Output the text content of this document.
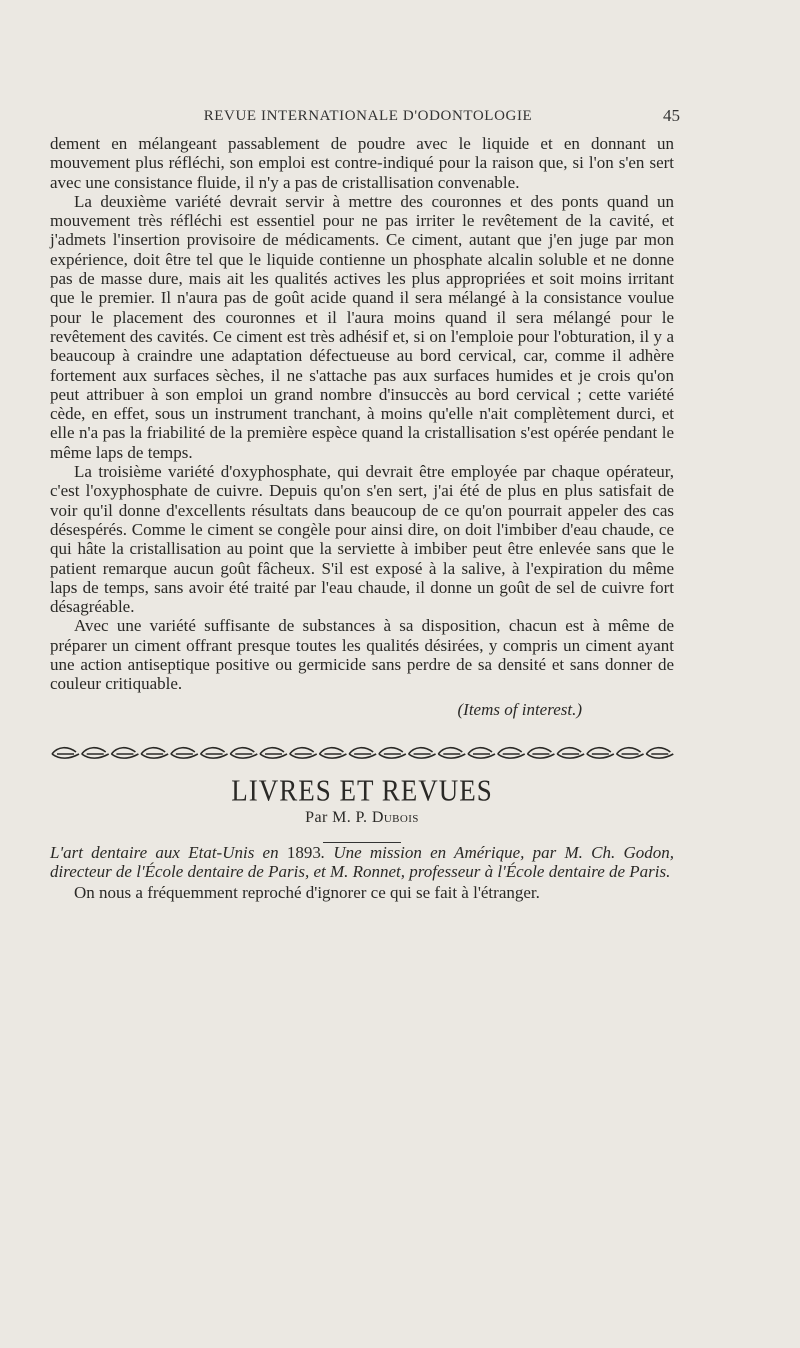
REVUE INTERNATIONALE D'ODONTOLOGIE	45

dement en mélangeant passablement de poudre avec le liquide et en donnant un mouvement plus réfléchi, son emploi est contre-indiqué pour la raison que, si l'on s'en sert avec une consistance fluide, il n'y a pas de cristallisation convenable.

La deuxième variété devrait servir à mettre des couronnes et des ponts quand un mouvement très réfléchi est essentiel pour ne pas irriter le revêtement de la cavité, et j'admets l'insertion provisoire de médicaments. Ce ciment, autant que j'en juge par mon expérience, doit être tel que le liquide contienne un phosphate alcalin soluble et ne donne pas de masse dure, mais ait les qualités actives les plus appropriées et soit moins irritant que le premier. Il n'aura pas de goût acide quand il sera mélangé à la consistance voulue pour le placement des couronnes et il l'aura moins quand il sera mélangé pour le revêtement des cavités. Ce ciment est très adhésif et, si on l'emploie pour l'obturation, il y a beaucoup à craindre une adaptation défectueuse au bord cervical, car, comme il adhère fortement aux surfaces sèches, il ne s'attache pas aux surfaces humides et je crois qu'on peut attribuer à son emploi un grand nombre d'insuccès au bord cervical ; cette variété cède, en effet, sous un instrument tranchant, à moins qu'elle n'ait complètement durci, et elle n'a pas la friabilité de la première espèce quand la cristallisation s'est opérée pendant le même laps de temps.

La troisième variété d'oxyphosphate, qui devrait être employée par chaque opérateur, c'est l'oxyphosphate de cuivre. Depuis qu'on s'en sert, j'ai été de plus en plus satisfait de voir qu'il donne d'excellents résultats dans beaucoup de ce qu'on pourrait appeler des cas désespérés. Comme le ciment se congèle pour ainsi dire, on doit l'imbiber d'eau chaude, ce qui hâte la cristallisation au point que la serviette à imbiber peut être enlevée sans que le patient remarque aucun goût fâcheux. S'il est exposé à la salive, à l'expiration du même laps de temps, sans avoir été traité par l'eau chaude, il donne un goût de sel de cuivre fort désagréable.

Avec une variété suffisante de substances à sa disposition, chacun est à même de préparer un ciment offrant presque toutes les qualités désirées, y compris un ciment ayant une action antiseptique positive ou germicide sans perdre de sa densité et sans donner de couleur critiquable.

(Items of interest.)
LIVRES ET REVUES
Par M. P. Dubois

L'art dentaire aux Etat-Unis en 1893. Une mission en Amérique, par M. Ch. Godon, directeur de l'École dentaire de Paris, et M. Ronnet, professeur à l'École dentaire de Paris.

On nous a fréquemment reproché d'ignorer ce qui se fait à l'étranger.
